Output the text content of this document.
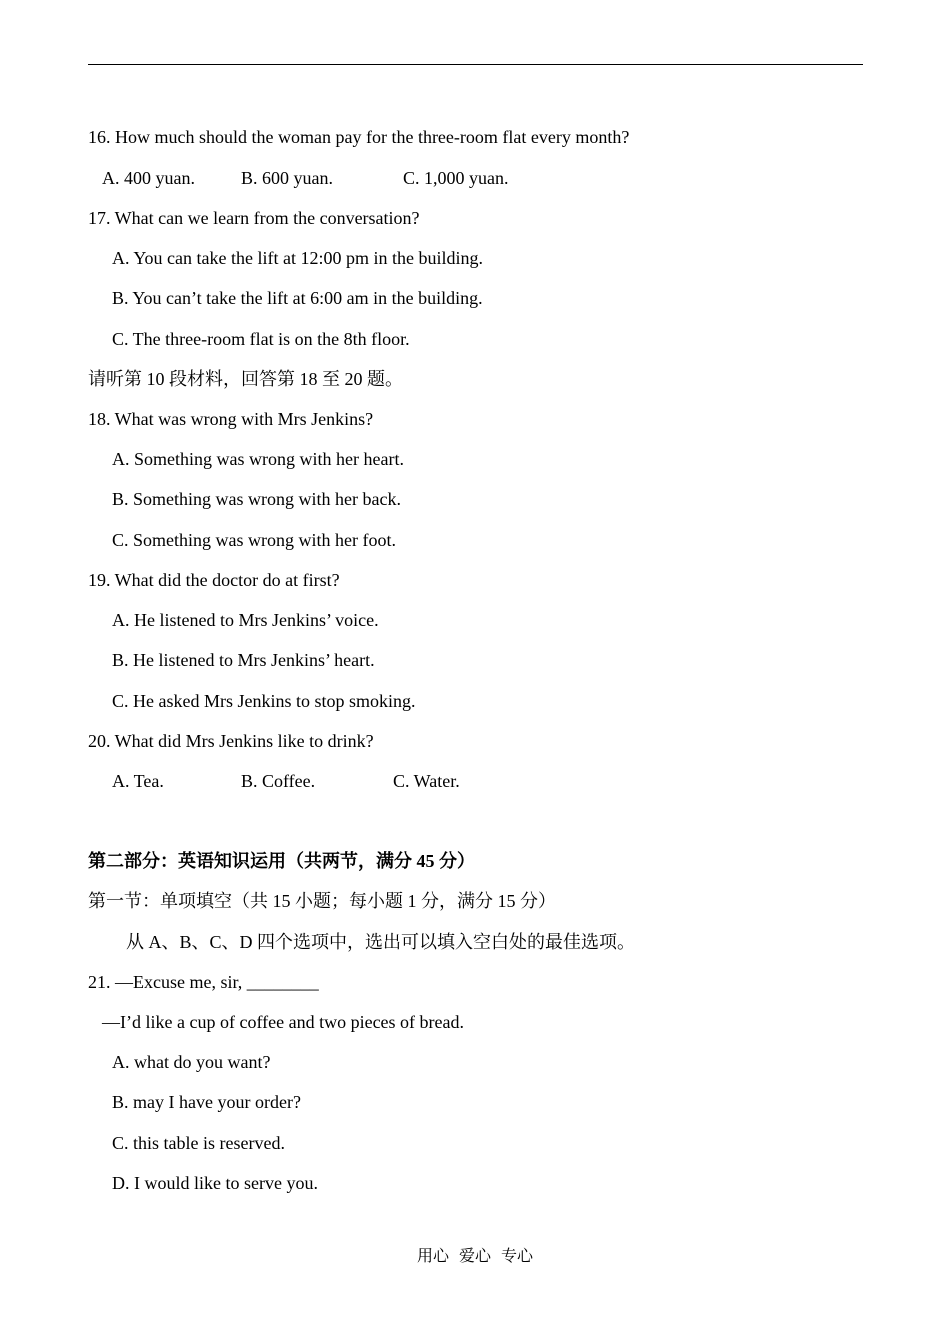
16. How much should the woman pay for the three-room flat every month?

A. 400 yuan.

	B. 600 yuan.

	C. 1,000 yuan.

17. What can we learn from the conversation?
A. You can take the lift at 12:00 pm in the building.
B. You can’t take the lift at 6:00 am in the building.
C. The three-room flat is on the 8th floor.
请听第 10 段材料，回答第 18 至 20 题。
18. What was wrong with Mrs Jenkins?
A. Something was wrong with her heart.
B. Something was wrong with her back.
C. Something was wrong with her foot.
19. What did the doctor do at first?
A. He listened to Mrs Jenkins’ voice.
B. He listened to Mrs Jenkins’ heart.
C. He asked Mrs Jenkins to stop smoking.
20. What did Mrs Jenkins like to drink?

A. Tea.

	B. Coffee.

	C. Water.

第二部分：英语知识运用（共两节，满分 45 分）
第一节：单项填空（共 15 小题；每小题 1 分，满分 15 分）
从 A、B、C、D 四个选项中，选出可以填入空白处的最佳选项。
21. —Excuse me, sir, ________
—I’d like a cup of coffee and two pieces of bread.
A. what do you want?
B. may I have your order?
C. this table is reserved.
D. I would like to serve you.
用心 爱心 专心
